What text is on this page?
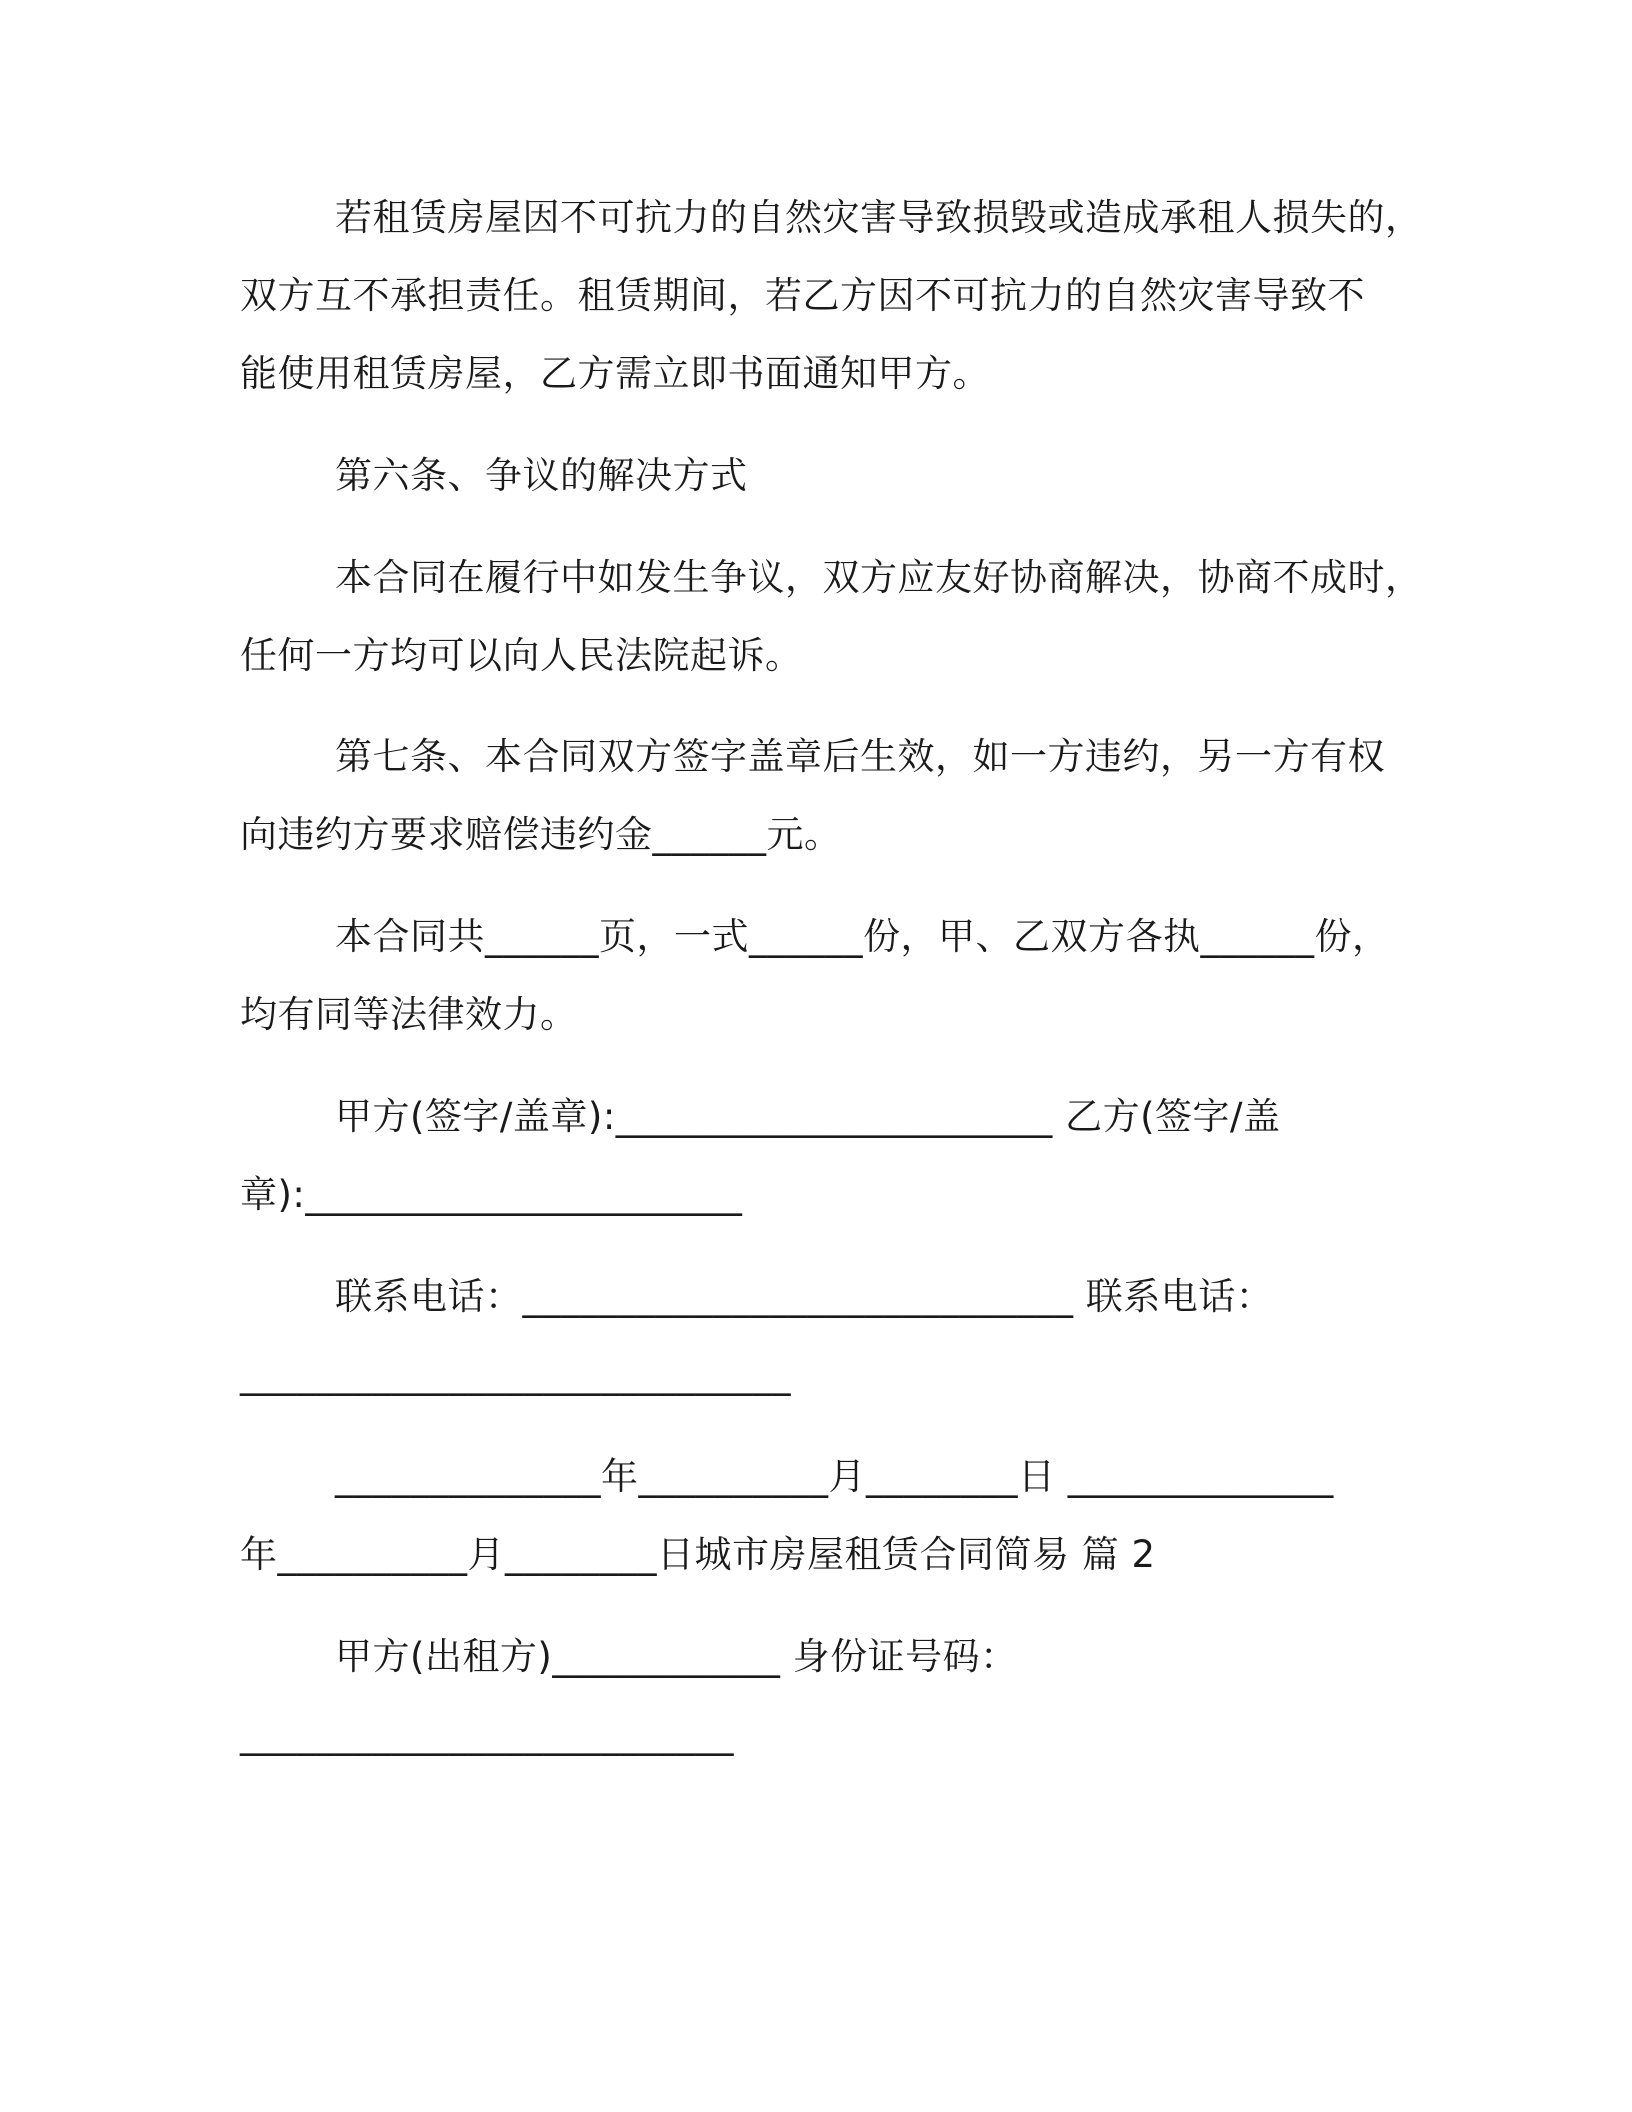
若租赁房屋因不可抗力的自然灾害导致损毁或造成承租人损失的，
双方互不承担责任。租赁期间，若乙方因不可抗力的自然灾害导致不
能使用租赁房屋，乙方需立即书面通知甲方。
第六条、争议的解决方式
本合同在履行中如发生争议，双方应友好协商解决，协商不成时，
任何一方均可以向人民法院起诉。
第七条、本合同双方签字盖章后生效，如一方违约，另一方有权
向违约方要求赔偿违约金______元。
本合同共______页，一式______份，甲、乙双方各执______份，
均有同等法律效力。
甲方(签字/盖章):_______________________ 乙方(签字/盖
章):_______________________
联系电话：_____________________________ 联系电话：
_____________________________
______________年__________月________日 ______________
年__________月________日城市房屋租赁合同简易 篇 2
甲方(出租方)____________ 身份证号码：
__________________________
